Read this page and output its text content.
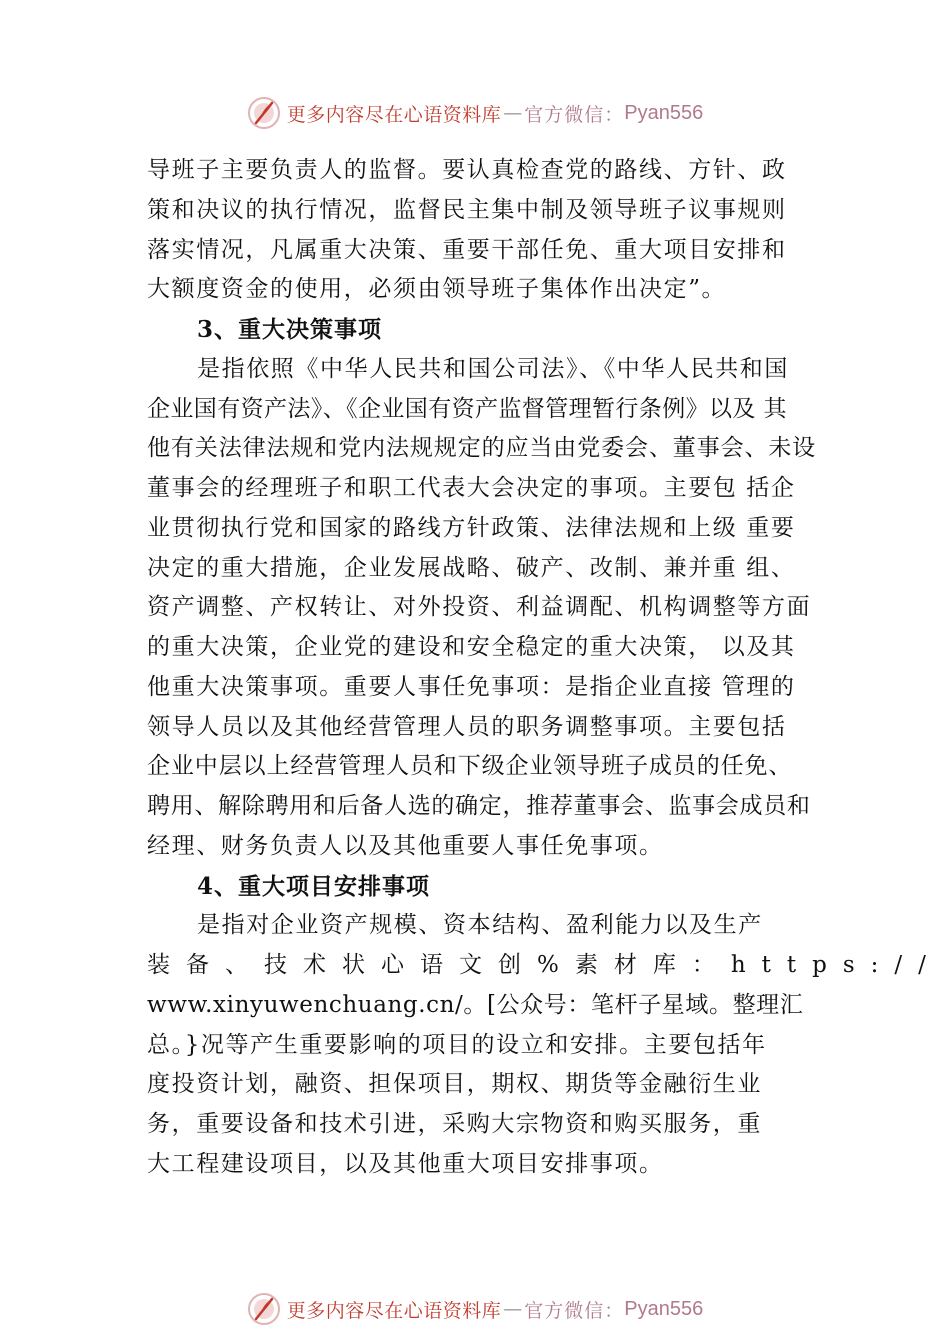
更多内容尽在心语资料库 — 官方微信： Pyan556
导班子主要负责人的监督。要认真检查党的路线、方针、政
策和决议的执行情况，监督民主集中制及领导班子议事规则
落实情况，凡属重大决策、重要干部任免、重大项目安排和
大额度资金的使用，必须由领导班子集体作出决定”。
3、重大决策事项
是指依照《中华人民共和国公司法》、《中华人民共和国
企业国有资产法》、《企业国有资产监督管理暂行条例》以及 其
他有关法律法规和党内法规规定的应当由党委会、董事会、未设
董事会的经理班子和职工代表大会决定的事项。主要包 括企
业贯彻执行党和国家的路线方针政策、法律法规和上级 重要
决定的重大措施，企业发展战略、破产、改制、兼并重 组、
资产调整、产权转让、对外投资、利益调配、机构调整等方面
的重大决策，企业党的建设和安全稳定的重大决策， 以及其
他重大决策事项。重要人事任免事项：是指企业直接 管理的
领导人员以及其他经营管理人员的职务调整事项。主要包括
企业中层以上经营管理人员和下级企业领导班子成员的任免、
聘用、解除聘用和后备人选的确定，推荐董事会、监事会成员和
经理、财务负责人以及其他重要人事任免事项。
4、重大项目安排事项
是指对企业资产规模、资本结构、盈利能力以及生产
装备、技术状心语文创%素材库：https://
www.xinyuwenchuang.cn/。[公众号：笔杆子星域。整理汇
总。}况等产生重要影响的项目的设立和安排。主要包括年
度投资计划，融资、担保项目，期权、期货等金融衍生业
务，重要设备和技术引进，采购大宗物资和购买服务，重
大工程建设项目，以及其他重大项目安排事项。
更多内容尽在心语资料库 — 官方微信： Pyan556
